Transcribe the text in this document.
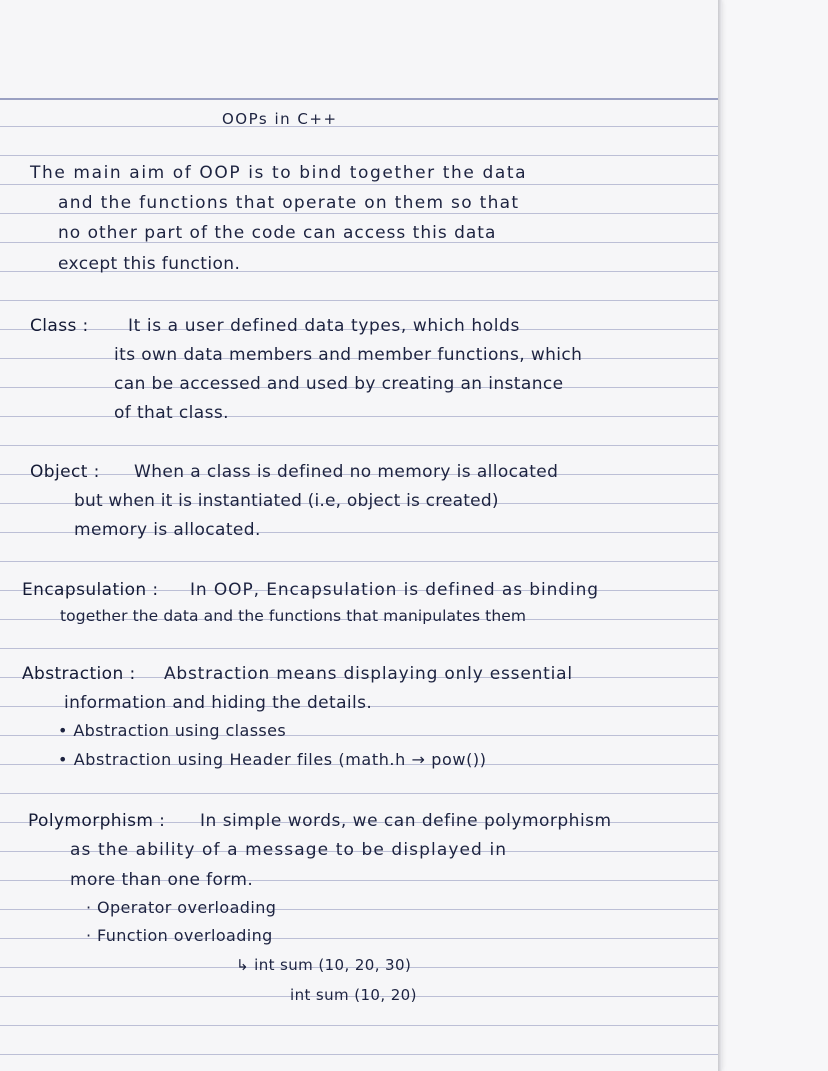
OOPs in C++
The main aim of OOP is to bind together the data
and the functions that operate on them so that
no other part of the code can access this data
except this function.
Class : It is a user defined data types, which holds
its own data members and member functions, which
can be accessed and used by creating an instance
of that class.
Object : When a class is defined no memory is allocated
but when it is instantiated (i.e, object is created)
memory is allocated.
Encapsulation : In OOP, Encapsulation is defined as binding
together the data and the functions that manipulates them
Abstraction : Abstraction means displaying only essential
information and hiding the details.
• Abstraction using classes
• Abstraction using Header files (math.h → pow())
Polymorphism : In simple words, we can define polymorphism
as the ability of a message to be displayed in
more than one form.
· Operator overloading
· Function overloading
↳ int sum (10, 20, 30)
int sum (10, 20)
